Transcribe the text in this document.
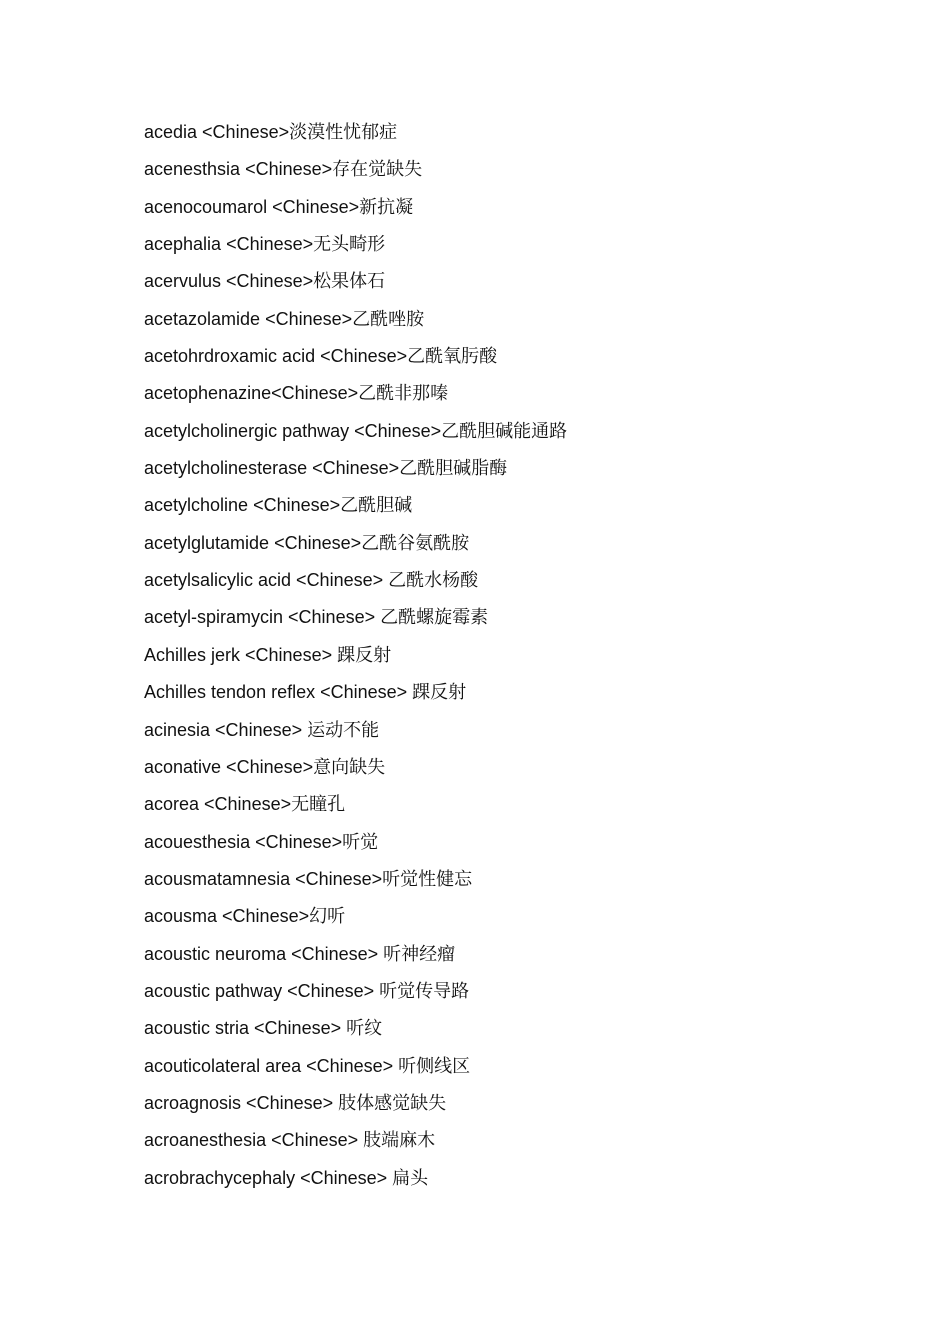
acedia <Chinese>淡漠性忧郁症
acenesthsia <Chinese>存在觉缺失
acenocoumarol <Chinese>新抗凝
acephalia <Chinese>无头畸形
acervulus <Chinese>松果体石
acetazolamide <Chinese>乙酰唑胺
acetohrdroxamic acid <Chinese>乙酰氧肟酸
acetophenazine<Chinese>乙酰非那嗪
acetylcholinergic pathway <Chinese>乙酰胆碱能通路
acetylcholinesterase <Chinese>乙酰胆碱脂酶
acetylcholine <Chinese>乙酰胆碱
acetylglutamide <Chinese>乙酰谷氨酰胺
acetylsalicylic acid <Chinese> 乙酰水杨酸
acetyl-spiramycin <Chinese> 乙酰螺旋霉素
Achilles jerk <Chinese> 踝反射
Achilles tendon reflex <Chinese> 踝反射
acinesia <Chinese> 运动不能
aconative <Chinese>意向缺失
acorea <Chinese>无瞳孔
acouesthesia <Chinese>听觉
acousmatamnesia <Chinese>听觉性健忘
acousma <Chinese>幻听
acoustic neuroma <Chinese> 听神经瘤
acoustic pathway <Chinese> 听觉传导路
acoustic stria <Chinese> 听纹
acouticolateral area <Chinese> 听侧线区
acroagnosis <Chinese> 肢体感觉缺失
acroanesthesia <Chinese> 肢端麻木
acrobrachycephaly <Chinese> 扁头
